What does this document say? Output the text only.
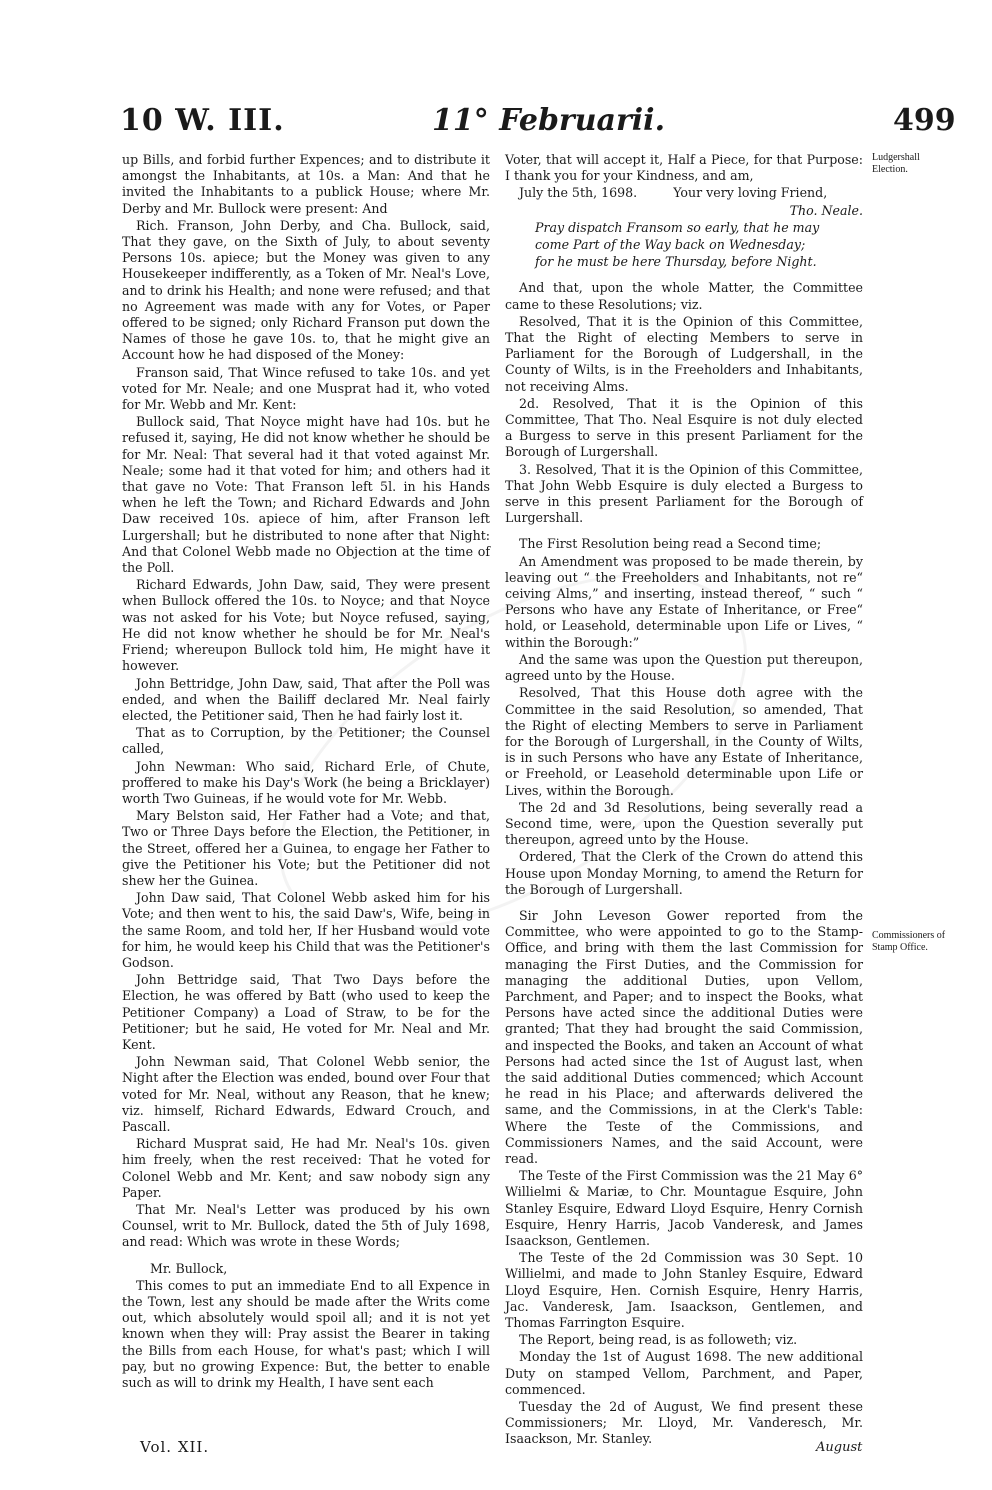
10 W. III.	11° Februarii.	499

up Bills, and forbid further Expences; and to distribute it amongst the Inhabitants, at 10s. a Man: And that he invited the Inhabitants to a publick House; where Mr. Derby and Mr. Bullock were present: And

Rich. Franson, John Derby, and Cha. Bullock, said, That they gave, on the Sixth of July, to about seventy Persons 10s. apiece; but the Money was given to any Housekeeper indifferently, as a Token of Mr. Neal's Love, and to drink his Health; and none were refused; and that no Agreement was made with any for Votes, or Paper offered to be signed; only Richard Franson put down the Names of those he gave 10s. to, that he might give an Account how he had disposed of the Money:

Franson said, That Wince refused to take 10s. and yet voted for Mr. Neale; and one Musprat had it, who voted for Mr. Webb and Mr. Kent:

Bullock said, That Noyce might have had 10s. but he refused it, saying, He did not know whether he should be for Mr. Neal: That several had it that voted against Mr. Neale; some had it that voted for him; and others had it that gave no Vote: That Franson left 5l. in his Hands when he left the Town; and Richard Edwards and John Daw received 10s. apiece of him, after Franson left Lurgershall; but he distributed to none after that Night: And that Colonel Webb made no Objection at the time of the Poll.

Richard Edwards, John Daw, said, They were present when Bullock offered the 10s. to Noyce; and that Noyce was not asked for his Vote; but Noyce refused, saying, He did not know whether he should be for Mr. Neal's Friend; whereupon Bullock told him, He might have it however.

John Bettridge, John Daw, said, That after the Poll was ended, and when the Bailiff declared Mr. Neal fairly elected, the Petitioner said, Then he had fairly lost it.

That as to Corruption, by the Petitioner; the Counsel called,

John Newman: Who said, Richard Erle, of Chute, proffered to make his Day's Work (he being a Bricklayer) worth Two Guineas, if he would vote for Mr. Webb.

Mary Belston said, Her Father had a Vote; and that, Two or Three Days before the Election, the Petitioner, in the Street, offered her a Guinea, to engage her Father to give the Petitioner his Vote; but the Petitioner did not shew her the Guinea.

John Daw said, That Colonel Webb asked him for his Vote; and then went to his, the said Daw's, Wife, being in the same Room, and told her, If her Husband would vote for him, he would keep his Child that was the Petitioner's Godson.

John Bettridge said, That Two Days before the Election, he was offered by Batt (who used to keep the Petitioner Company) a Load of Straw, to be for the Petitioner; but he said, He voted for Mr. Neal and Mr. Kent.

John Newman said, That Colonel Webb senior, the Night after the Election was ended, bound over Four that voted for Mr. Neal, without any Reason, that he knew; viz. himself, Richard Edwards, Edward Crouch, and Pascall.

Richard Musprat said, He had Mr. Neal's 10s. given him freely, when the rest received: That he voted for Colonel Webb and Mr. Kent; and saw nobody sign any Paper.

That Mr. Neal's Letter was produced by his own Counsel, writ to Mr. Bullock, dated the 5th of July 1698, and read: Which was wrote in these Words;

Mr. Bullock,

This comes to put an immediate End to all Expence in the Town, lest any should be made after the Writs come out, which absolutely would spoil all; and it is not yet known when they will: Pray assist the Bearer in taking the Bills from each House, for what's past; which I will pay, but no growing Expence: But, the better to enable such as will to drink my Health, I have sent each

Voter, that will accept it, Half a Piece, for that Purpose: I thank you for your Kindness, and am,

July the 5th, 1698.	Your very loving Friend,

Tho. Neale.

Pray dispatch Fransom so early, that he may

come Part of the Way back on Wednesday;

for he must be here Thursday, before Night.

And that, upon the whole Matter, the Committee came to these Resolutions; viz.

Resolved, That it is the Opinion of this Committee, That the Right of electing Members to serve in Parliament for the Borough of Ludgershall, in the County of Wilts, is in the Freeholders and Inhabitants, not receiving Alms.

2d. Resolved, That it is the Opinion of this Committee, That Tho. Neal Esquire is not duly elected a Burgess to serve in this present Parliament for the Borough of Lurgershall.

3. Resolved, That it is the Opinion of this Committee, That John Webb Esquire is duly elected a Burgess to serve in this present Parliament for the Borough of Lurgershall.

The First Resolution being read a Second time;

An Amendment was proposed to be made therein, by leaving out “ the Freeholders and Inhabitants, not re“ ceiving Alms,” and inserting, instead thereof, “ such “ Persons who have any Estate of Inheritance, or Free“ hold, or Leasehold, determinable upon Life or Lives, “ within the Borough:”

And the same was upon the Question put thereupon, agreed unto by the House.

Resolved, That this House doth agree with the Committee in the said Resolution, so amended, That the Right of electing Members to serve in Parliament for the Borough of Lurgershall, in the County of Wilts, is in such Persons who have any Estate of Inheritance, or Freehold, or Leasehold determinable upon Life or Lives, within the Borough.

The 2d and 3d Resolutions, being severally read a Second time, were, upon the Question severally put thereupon, agreed unto by the House.

Ordered, That the Clerk of the Crown do attend this House upon Monday Morning, to amend the Return for the Borough of Lurgershall.

Sir John Leveson Gower reported from the Committee, who were appointed to go to the Stamp-Office, and bring with them the last Commission for managing the First Duties, and the Commission for managing the additional Duties, upon Vellom, Parchment, and Paper; and to inspect the Books, what Persons have acted since the additional Duties were granted; That they had brought the said Commission, and inspected the Books, and taken an Account of what Persons had acted since the 1st of August last, when the said additional Duties commenced; which Account he read in his Place; and afterwards delivered the same, and the Commissions, in at the Clerk's Table: Where the Teste of the Commissions, and Commissioners Names, and the said Account, were read.

The Teste of the First Commission was the 21 May 6° Willielmi & Mariæ, to Chr. Mountague Esquire, John Stanley Esquire, Edward Lloyd Esquire, Henry Cornish Esquire, Henry Harris, Jacob Vanderesk, and James Isaackson, Gentlemen.

The Teste of the 2d Commission was 30 Sept. 10 Willielmi, and made to John Stanley Esquire, Edward Lloyd Esquire, Hen. Cornish Esquire, Henry Harris, Jac. Vanderesk, Jam. Isaackson, Gentlemen, and Thomas Farrington Esquire.

The Report, being read, is as followeth; viz.

Monday the 1st of August 1698. The new additional Duty on stamped Vellom, Parchment, and Paper, commenced.

Tuesday the 2d of August, We find present these Commissioners; Mr. Lloyd, Mr. Vanderesch, Mr. Isaackson, Mr. Stanley.

Ludgershall Election.
Commissioners of Stamp Office.
Vol. XII.	August
